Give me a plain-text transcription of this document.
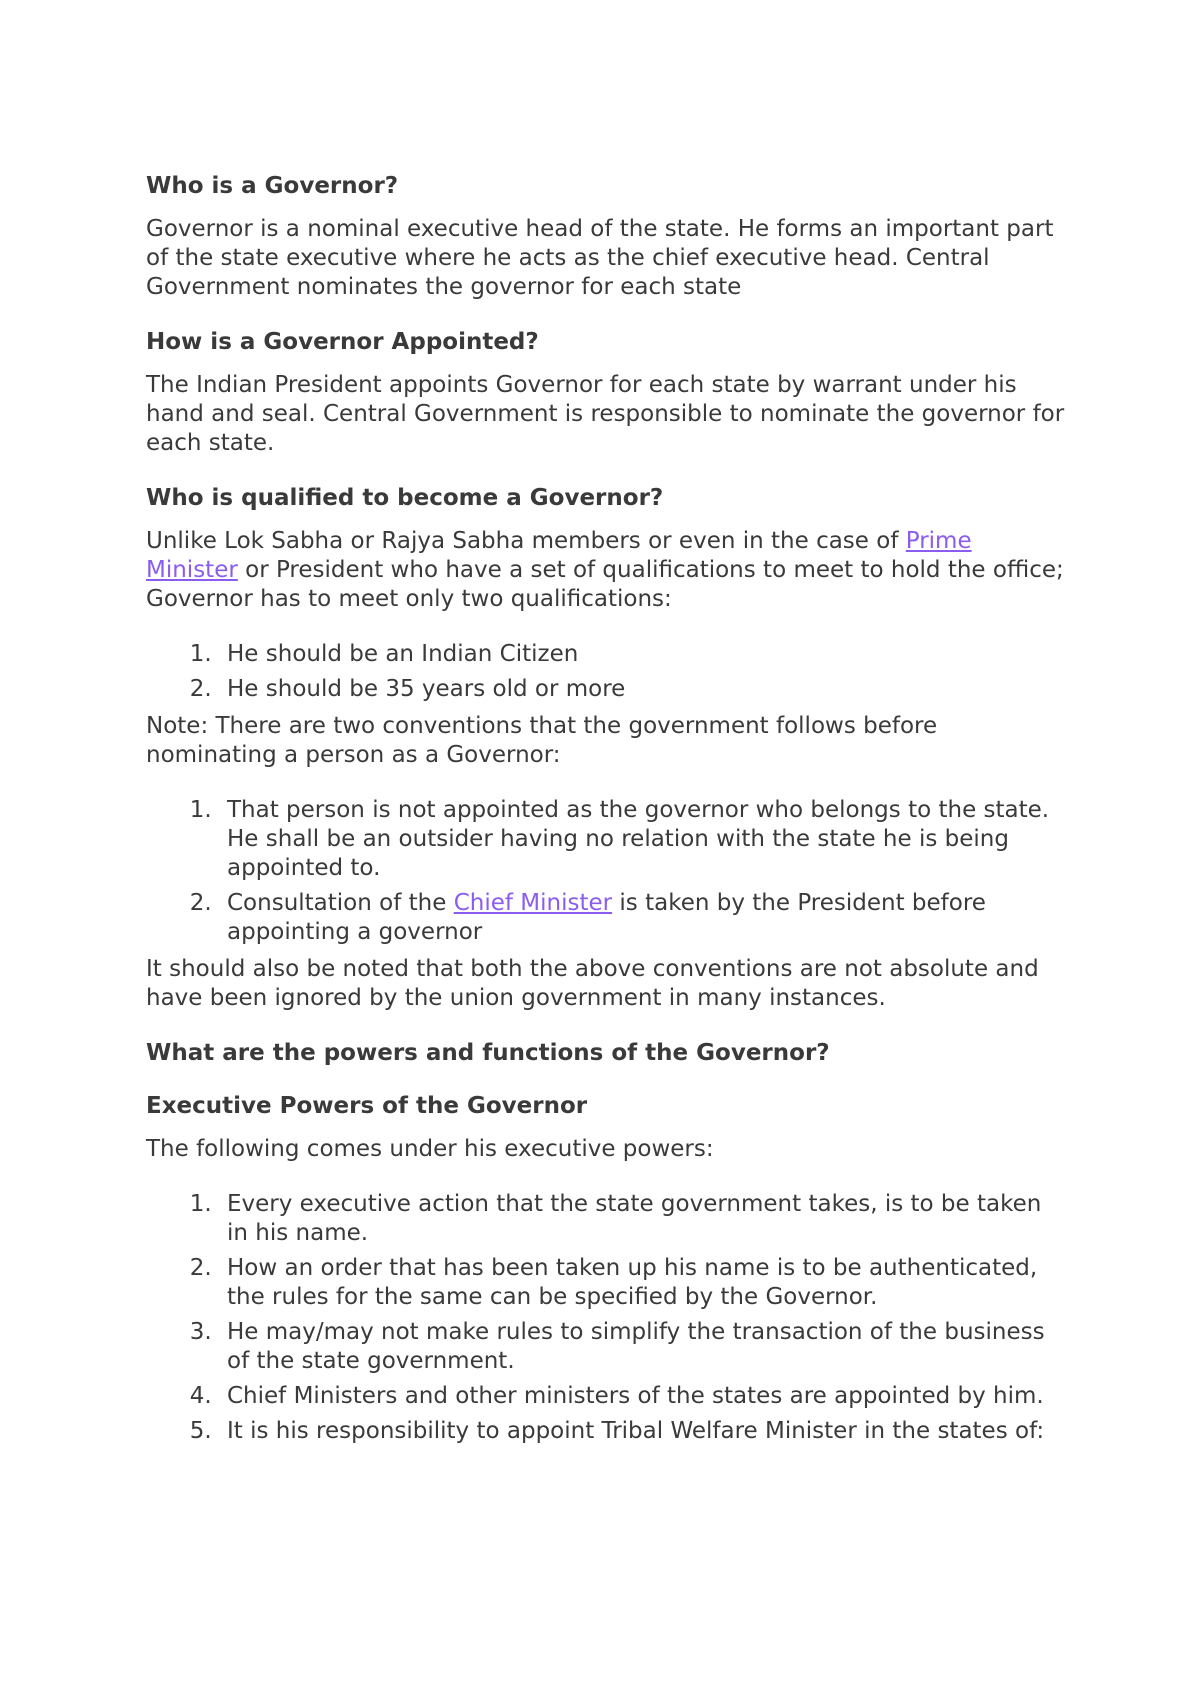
Who is a Governor?

Governor is a nominal executive head of the state. He forms an important part of the state executive where he acts as the chief executive head. Central Government nominates the governor for each state

How is a Governor Appointed?

The Indian President appoints Governor for each state by warrant under his hand and seal. Central Government is responsible to nominate the governor for each state.

Who is qualified to become a Governor?

Unlike Lok Sabha or Rajya Sabha members or even in the case of Prime Minister or President who have a set of qualifications to meet to hold the office; Governor has to meet only two qualifications:

1. He should be an Indian Citizen
2. He should be 35 years old or more

Note: There are two conventions that the government follows before nominating a person as a Governor:

1. That person is not appointed as the governor who belongs to the state. He shall be an outsider having no relation with the state he is being appointed to.
2. Consultation of the Chief Minister is taken by the President before appointing a governor

It should also be noted that both the above conventions are not absolute and have been ignored by the union government in many instances.

What are the powers and functions of the Governor?
Executive Powers of the Governor

The following comes under his executive powers:

1. Every executive action that the state government takes, is to be taken in his name.
2. How an order that has been taken up his name is to be authenticated, the rules for the same can be specified by the Governor.
3. He may/may not make rules to simplify the transaction of the business of the state government.
4. Chief Ministers and other ministers of the states are appointed by him.
5. It is his responsibility to appoint Tribal Welfare Minister in the states of:
